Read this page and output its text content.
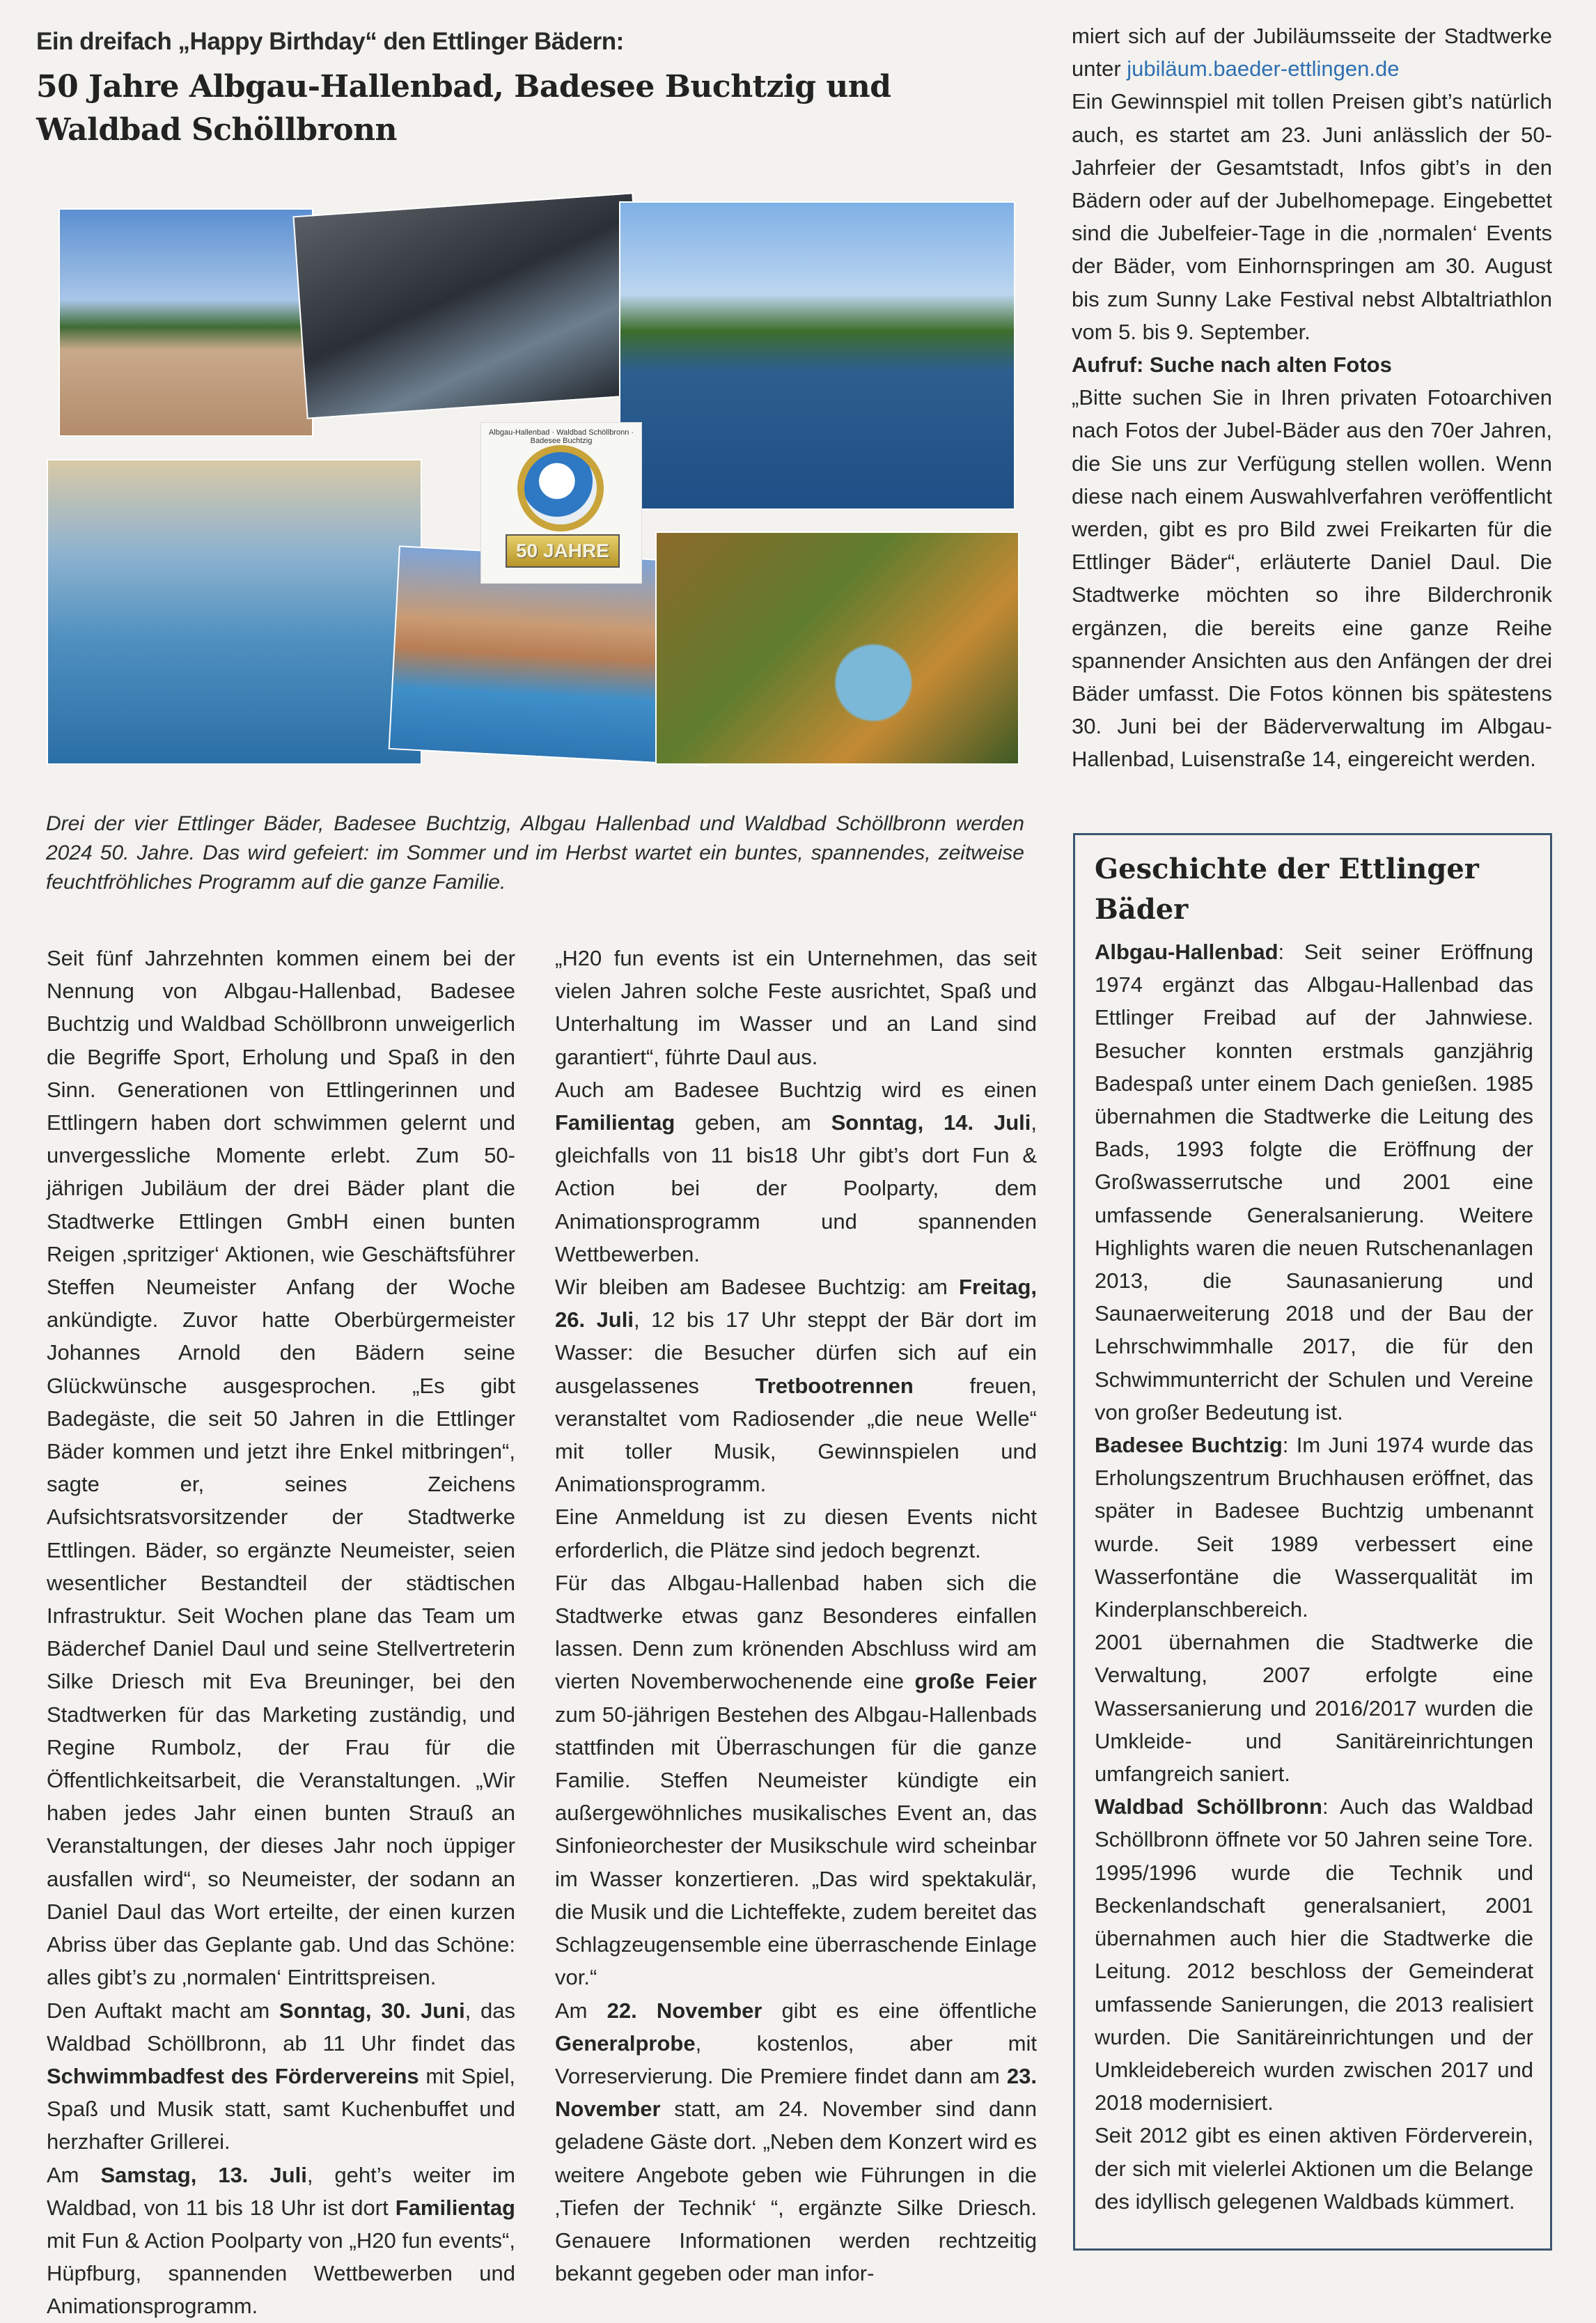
Ein dreifach „Happy Birthday“ den Ettlinger Bädern:
50 Jahre Albgau-Hallenbad, Badesee Buchtzig und Waldbad Schöllbronn
Albgau-Hallenbad · Waldbad Schöllbronn · Badesee Buchtzig
50 JAHRE
Drei der vier Ettlinger Bäder, Badesee Buchtzig, Albgau Hallenbad und Waldbad Schöllbronn werden 2024 50. Jahre. Das wird gefeiert: im Sommer und im Herbst wartet ein buntes, spannendes, zeitweise feuchtfröhliches Programm auf die ganze Familie.

Seit fünf Jahrzehnten kommen einem bei der Nennung von Albgau-Hallenbad, Badesee Buchtzig und Waldbad Schöllbronn unweigerlich die Begriffe Sport, Erholung und Spaß in den Sinn. Generationen von Ettlingerinnen und Ettlingern haben dort schwimmen gelernt und unvergessliche Momente erlebt. Zum 50-jährigen Jubiläum der drei Bäder plant die Stadtwerke Ettlingen GmbH einen bunten Reigen ‚spritziger‘ Aktionen, wie Geschäftsführer Steffen Neumeister Anfang der Woche ankündigte. Zuvor hatte Oberbürgermeister Johannes Arnold den Bädern seine Glückwünsche ausgesprochen. „Es gibt Badegäste, die seit 50 Jahren in die Ettlinger Bäder kommen und jetzt ihre Enkel mitbringen“, sagte er, seines Zeichens Aufsichtsratsvorsitzender der Stadtwerke Ettlingen. Bäder, so ergänzte Neumeister, seien wesentlicher Bestandteil der städtischen Infrastruktur. Seit Wochen plane das Team um Bäderchef Daniel Daul und seine Stellvertreterin Silke Driesch mit Eva Breuninger, bei den Stadtwerken für das Marketing zuständig, und Regine Rumbolz, der Frau für die Öffentlichkeitsarbeit, die Veranstaltungen. „Wir haben jedes Jahr einen bunten Strauß an Veranstaltungen, der dieses Jahr noch üppiger ausfallen wird“, so Neumeister, der sodann an Daniel Daul das Wort erteilte, der einen kurzen Abriss über das Geplante gab. Und das Schöne: alles gibt’s zu ‚normalen‘ Eintrittspreisen.

Den Auftakt macht am Sonntag, 30. Juni, das Waldbad Schöllbronn, ab 11 Uhr findet das Schwimmbadfest des Fördervereins mit Spiel, Spaß und Musik statt, samt Kuchenbuffet und herzhafter Grillerei.

Am Samstag, 13. Juli, geht’s weiter im Waldbad, von 11 bis 18 Uhr ist dort Familientag mit Fun & Action Poolparty von „H20 fun events“, Hüpfburg, spannenden Wettbewerben und Animationsprogramm.

„H20 fun events ist ein Unternehmen, das seit vielen Jahren solche Feste ausrichtet, Spaß und Unterhaltung im Wasser und an Land sind garantiert“, führte Daul aus.

Auch am Badesee Buchtzig wird es einen Familientag geben, am Sonntag, 14. Juli, gleichfalls von 11 bis18 Uhr gibt’s dort Fun & Action bei der Poolparty, dem Animationsprogramm und spannenden Wettbewerben.

Wir bleiben am Badesee Buchtzig: am Freitag, 26. Juli, 12 bis 17 Uhr steppt der Bär dort im Wasser: die Besucher dürfen sich auf ein ausgelassenes Tretbootrennen freuen, veranstaltet vom Radiosender „die neue Welle“ mit toller Musik, Gewinnspielen und Animationsprogramm.

Eine Anmeldung ist zu diesen Events nicht erforderlich, die Plätze sind jedoch begrenzt.

Für das Albgau-Hallenbad haben sich die Stadtwerke etwas ganz Besonderes einfallen lassen. Denn zum krönenden Abschluss wird am vierten Novemberwochenende eine große Feier zum 50-jährigen Bestehen des Albgau-Hallenbads stattfinden mit Überraschungen für die ganze Familie. Steffen Neumeister kündigte ein außergewöhnliches musikalisches Event an, das Sinfonieorchester der Musikschule wird scheinbar im Wasser konzertieren. „Das wird spektakulär, die Musik und die Lichteffekte, zudem bereitet das Schlagzeugensemble eine überraschende Einlage vor.“

Am 22. November gibt es eine öffentliche Generalprobe, kostenlos, aber mit Vorreservierung. Die Premiere findet dann am 23. November statt, am 24. November sind dann geladene Gäste dort. „Neben dem Konzert wird es weitere Angebote geben wie Führungen in die ‚Tiefen der Technik‘ “, ergänzte Silke Driesch. Genauere Informationen werden rechtzeitig bekannt gegeben oder man infor-

miert sich auf der Jubiläumsseite der Stadtwerke unter jubiläum.baeder-ettlingen.de

Ein Gewinnspiel mit tollen Preisen gibt’s natürlich auch, es startet am 23. Juni anlässlich der 50-Jahrfeier der Gesamtstadt, Infos gibt’s in den Bädern oder auf der Jubelhomepage. Eingebettet sind die Jubelfeier-Tage in die ‚normalen‘ Events der Bäder, vom Einhornspringen am 30. August bis zum Sunny Lake Festival nebst Albtaltriathlon vom 5. bis 9. September.

Aufruf: Suche nach alten Fotos

„Bitte suchen Sie in Ihren privaten Fotoarchiven nach Fotos der Jubel-Bäder aus den 70er Jahren, die Sie uns zur Verfügung stellen wollen. Wenn diese nach einem Auswahlverfahren veröffentlicht werden, gibt es pro Bild zwei Freikarten für die Ettlinger Bäder“, erläuterte Daniel Daul. Die Stadtwerke möchten so ihre Bilderchronik ergänzen, die bereits eine ganze Reihe spannender Ansichten aus den Anfängen der drei Bäder umfasst. Die Fotos können bis spätestens 30. Juni bei der Bäderverwaltung im Albgau-Hallenbad, Luisenstraße 14, eingereicht werden.

Geschichte der Ettlinger Bäder

Albgau-Hallenbad: Seit seiner Eröffnung 1974 ergänzt das Albgau-Hallenbad das Ettlinger Freibad auf der Jahnwiese. Besucher konnten erstmals ganzjährig Badespaß unter einem Dach genießen. 1985 übernahmen die Stadtwerke die Leitung des Bads, 1993 folgte die Eröffnung der Großwasserrutsche und 2001 eine umfassende Generalsanierung. Weitere Highlights waren die neuen Rutschenanlagen 2013, die Saunasanierung und Saunaerweiterung 2018 und der Bau der Lehrschwimmhalle 2017, die für den Schwimmunterricht der Schulen und Vereine von großer Bedeutung ist.

Badesee Buchtzig: Im Juni 1974 wurde das Erholungszentrum Bruchhausen eröffnet, das später in Badesee Buchtzig umbenannt wurde. Seit 1989 verbessert eine Wasserfontäne die Wasserqualität im Kinderplanschbereich.

2001 übernahmen die Stadtwerke die Verwaltung, 2007 erfolgte eine Wassersanierung und 2016/2017 wurden die Umkleide- und Sanitäreinrichtungen umfangreich saniert.

Waldbad Schöllbronn: Auch das Waldbad Schöllbronn öffnete vor 50 Jahren seine Tore. 1995/1996 wurde die Technik und Beckenlandschaft generalsaniert, 2001 übernahmen auch hier die Stadtwerke die Leitung. 2012 beschloss der Gemeinderat umfassende Sanierungen, die 2013 realisiert wurden. Die Sanitäreinrichtungen und der Umkleidebereich wurden zwischen 2017 und 2018 modernisiert.

Seit 2012 gibt es einen aktiven Förderverein, der sich mit vielerlei Aktionen um die Belange des idyllisch gelegenen Waldbads kümmert.
